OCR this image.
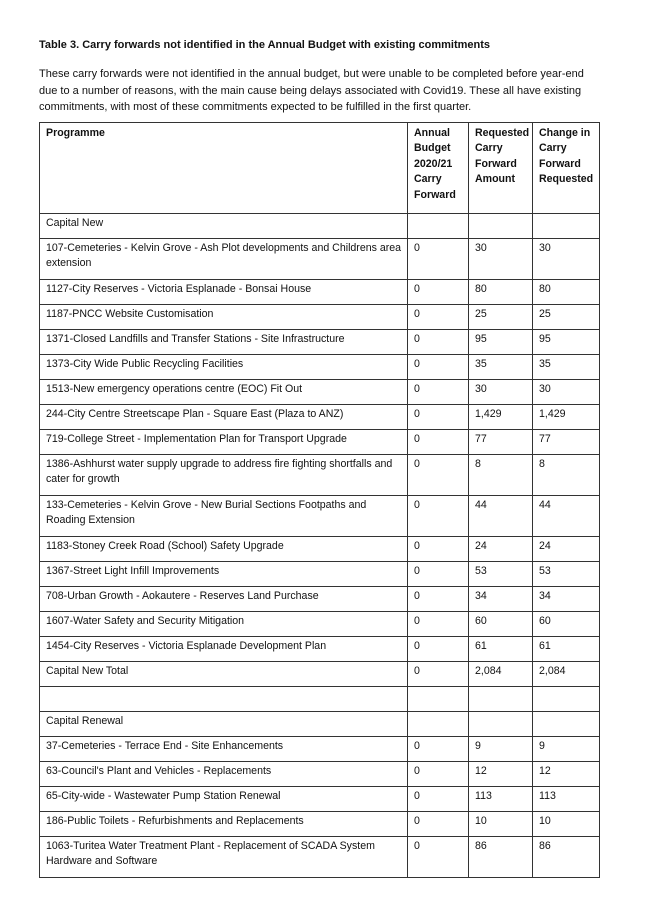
Table 3. Carry forwards not identified in the Annual Budget with existing commitments

These carry forwards were not identified in the annual budget, but were unable to be completed before year-end due to a number of reasons, with the main cause being delays associated with Covid19. These all have existing commitments, with most of these commitments expected to be fulfilled in the first quarter.

Programme	Annual Budget 2020/21 Carry Forward	Requested Carry Forward Amount	Change in Carry Forward Requested
Capital New			
107-Cemeteries - Kelvin Grove - Ash Plot developments and Childrens area extension	0	30	30
1127-City Reserves - Victoria Esplanade - Bonsai House	0	80	80
1187-PNCC Website Customisation	0	25	25
1371-Closed Landfills and Transfer Stations - Site Infrastructure	0	95	95
1373-City Wide Public Recycling Facilities	0	35	35
1513-New emergency operations centre (EOC) Fit Out	0	30	30
244-City Centre Streetscape Plan - Square East (Plaza to ANZ)	0	1,429	1,429
719-College Street - Implementation Plan for Transport Upgrade	0	77	77
1386-Ashhurst water supply upgrade to address fire fighting shortfalls and cater for growth	0	8	8
133-Cemeteries - Kelvin Grove - New Burial Sections Footpaths and Roading Extension	0	44	44
1183-Stoney Creek Road (School) Safety Upgrade	0	24	24
1367-Street Light Infill Improvements	0	53	53
708-Urban Growth - Aokautere - Reserves Land Purchase	0	34	34
1607-Water Safety and Security Mitigation	0	60	60
1454-City Reserves - Victoria Esplanade Development Plan	0	61	61
Capital New Total	0	2,084	2,084

Capital Renewal			
37-Cemeteries - Terrace End - Site Enhancements	0	9	9
63-Council's Plant and Vehicles - Replacements	0	12	12
65-City-wide - Wastewater Pump Station Renewal	0	113	113
186-Public Toilets - Refurbishments and Replacements	0	10	10
1063-Turitea Water Treatment Plant - Replacement of SCADA System Hardware and Software	0	86	86
